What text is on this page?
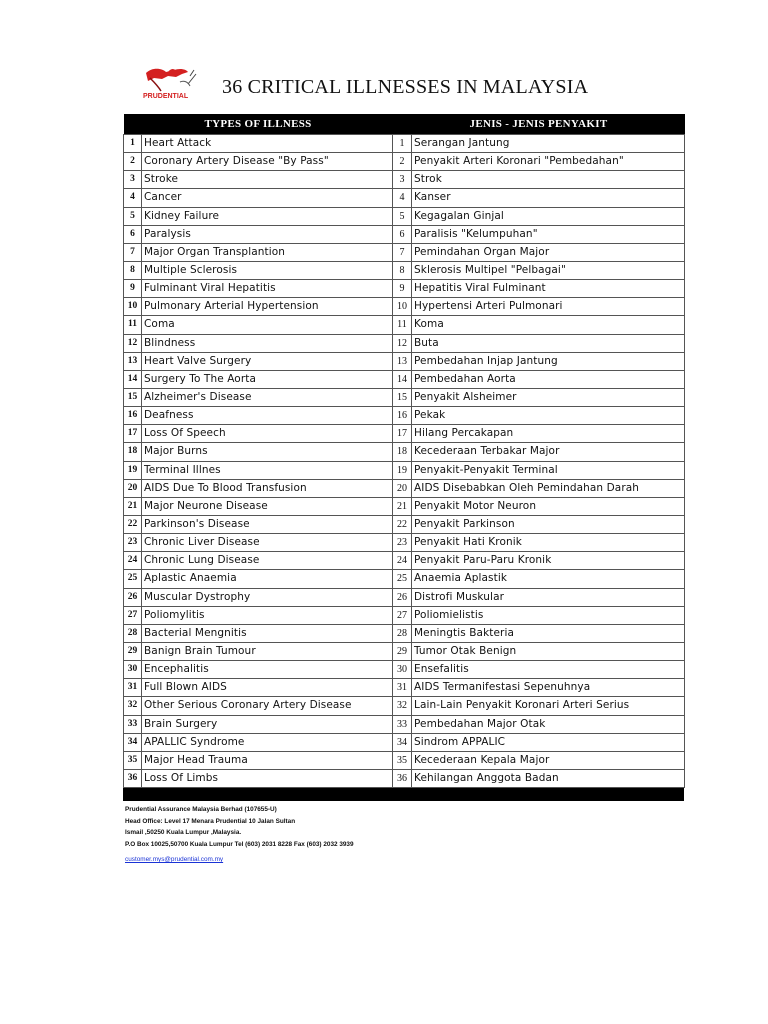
PRUDENTIAL 36 CRITICAL ILLNESSES IN MALAYSIA
TYPES OF ILLNESS		JENIS - JENIS PENYAKIT	
1	Heart Attack	1	Serangan Jantung
2	Coronary Artery Disease "By Pass"	2	Penyakit Arteri Koronari "Pembedahan"
3	Stroke	3	Strok
4	Cancer	4	Kanser
5	Kidney Failure	5	Kegagalan Ginjal
6	Paralysis	6	Paralisis "Kelumpuhan"
7	Major Organ Transplantion	7	Pemindahan Organ Major
8	Multiple Sclerosis	8	Sklerosis Multipel "Pelbagai"
9	Fulminant Viral Hepatitis	9	Hepatitis Viral Fulminant
10	Pulmonary Arterial Hypertension	10	Hypertensi Arteri Pulmonari
11	Coma	11	Koma
12	Blindness	12	Buta
13	Heart Valve Surgery	13	Pembedahan Injap Jantung
14	Surgery To The Aorta	14	Pembedahan Aorta
15	Alzheimer's Disease	15	Penyakit Alsheimer
16	Deafness	16	Pekak
17	Loss Of Speech	17	Hilang Percakapan
18	Major Burns	18	Kecederaan Terbakar Major
19	Terminal Illnes	19	Penyakit-Penyakit Terminal
20	AIDS Due To Blood Transfusion	20	AIDS Disebabkan Oleh Pemindahan Darah
21	Major Neurone Disease	21	Penyakit Motor Neuron
22	Parkinson's Disease	22	Penyakit Parkinson
23	Chronic Liver Disease	23	Penyakit Hati Kronik
24	Chronic Lung Disease	24	Penyakit Paru-Paru Kronik
25	Aplastic Anaemia	25	Anaemia Aplastik
26	Muscular Dystrophy	26	Distrofi Muskular
27	Poliomylitis	27	Poliomielistis
28	Bacterial Mengnitis	28	Meningtis Bakteria
29	Banign Brain Tumour	29	Tumor Otak Benign
30	Encephalitis	30	Ensefalitis
31	Full Blown AIDS	31	AIDS Termanifestasi Sepenuhnya
32	Other Serious Coronary Artery Disease	32	Lain-Lain Penyakit Koronari Arteri Serius
33	Brain Surgery	33	Pembedahan Major Otak
34	APALLIC Syndrome	34	Sindrom APPALIC
35	Major Head Trauma	35	Kecederaan Kepala Major
36	Loss Of Limbs	36	Kehilangan Anggota Badan
Prudential Assurance Malaysia Berhad (107655-U)
Head Office: Level 17 Menara Prudential 10 Jalan Sultan
Ismail ,50250 Kuala Lumpur ,Malaysia.
P.O Box 10025,50700 Kuala Lumpur Tel (603) 2031 8228 Fax (603) 2032 3939
customer.mys@prudential.com.my
